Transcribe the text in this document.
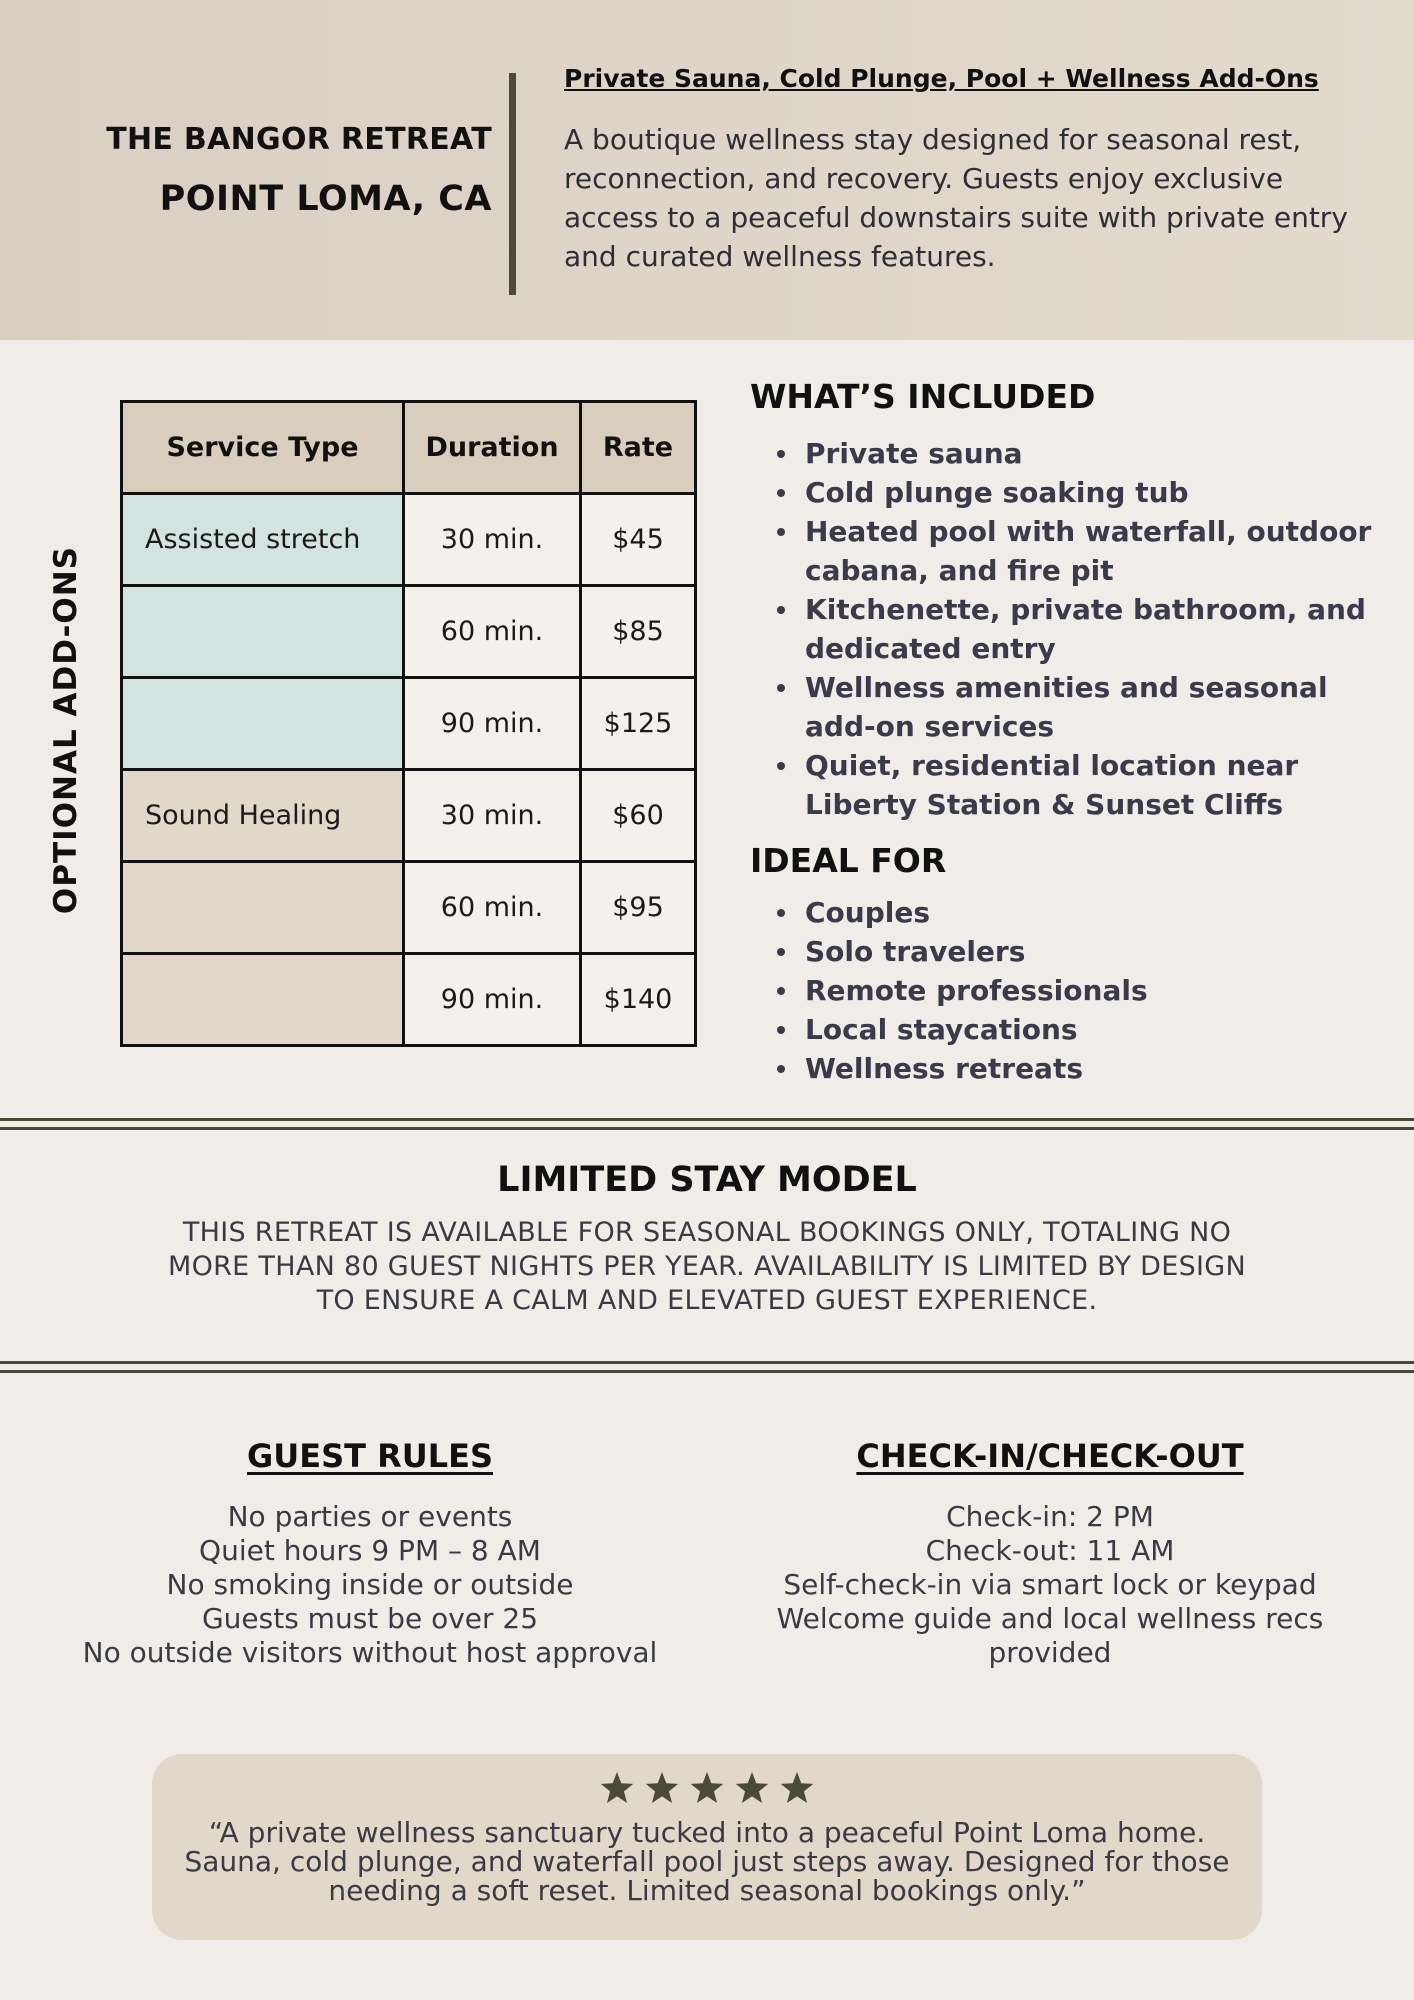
THE BANGOR RETREAT
POINT LOMA, CA
Private Sauna, Cold Plunge, Pool + Wellness Add-Ons
A boutique wellness stay designed for seasonal rest, reconnection, and recovery. Guests enjoy exclusive access to a peaceful downstairs suite with private entry and curated wellness features.
OPTIONAL ADD-ONS
Service Type	Duration	Rate
Assisted stretch	30 min.	$45
	60 min.	$85
	90 min.	$125
Sound Healing	30 min.	$60
	60 min.	$95
	90 min.	$140
WHAT’S INCLUDED
Private sauna
Cold plunge soaking tub
Heated pool with waterfall, outdoor cabana, and fire pit
Kitchenette, private bathroom, and dedicated entry
Wellness amenities and seasonal add-on services
Quiet, residential location near Liberty Station & Sunset Cliffs
IDEAL FOR
Couples
Solo travelers
Remote professionals
Local staycations
Wellness retreats
LIMITED STAY MODEL
THIS RETREAT IS AVAILABLE FOR SEASONAL BOOKINGS ONLY, TOTALING NO MORE THAN 80 GUEST NIGHTS PER YEAR. AVAILABILITY IS LIMITED BY DESIGN TO ENSURE A CALM AND ELEVATED GUEST EXPERIENCE.
GUEST RULES
No parties or events
Quiet hours 9 PM – 8 AM
No smoking inside or outside
Guests must be over 25
No outside visitors without host approval
CHECK-IN/CHECK-OUT
Check-in: 2 PM
Check-out: 11 AM
Self-check-in via smart lock or keypad
Welcome guide and local wellness recs provided

“A private wellness sanctuary tucked into a peaceful Point Loma home. Sauna, cold plunge, and waterfall pool just steps away. Designed for those needing a soft reset. Limited seasonal bookings only.”
